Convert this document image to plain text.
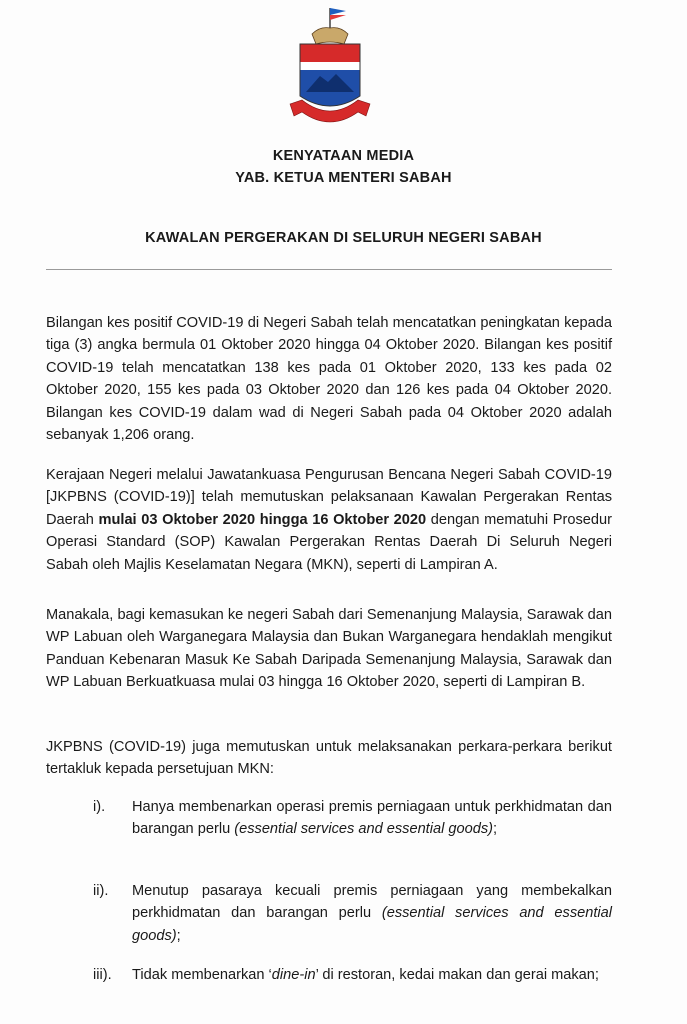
KENYATAAN MEDIA
YAB. KETUA MENTERI SABAH
KAWALAN PERGERAKAN DI SELURUH NEGERI SABAH

Bilangan kes positif COVID-19 di Negeri Sabah telah mencatatkan peningkatan kepada tiga (3) angka bermula 01 Oktober 2020 hingga 04 Oktober 2020. Bilangan kes positif COVID-19 telah mencatatkan 138 kes pada 01 Oktober 2020, 133 kes pada 02 Oktober 2020, 155 kes pada 03 Oktober 2020 dan 126 kes pada 04 Oktober 2020. Bilangan kes COVID-19 dalam wad di Negeri Sabah pada 04 Oktober 2020 adalah sebanyak 1,206 orang.

Kerajaan Negeri melalui Jawatankuasa Pengurusan Bencana Negeri Sabah COVID-19 [JKPBNS (COVID-19)] telah memutuskan pelaksanaan Kawalan Pergerakan Rentas Daerah mulai 03 Oktober 2020 hingga 16 Oktober 2020 dengan mematuhi Prosedur Operasi Standard (SOP) Kawalan Pergerakan Rentas Daerah Di Seluruh Negeri Sabah oleh Majlis Keselamatan Negara (MKN), seperti di Lampiran A.

Manakala, bagi kemasukan ke negeri Sabah dari Semenanjung Malaysia, Sarawak dan WP Labuan oleh Warganegara Malaysia dan Bukan Warganegara hendaklah mengikut Panduan Kebenaran Masuk Ke Sabah Daripada Semenanjung Malaysia, Sarawak dan WP Labuan Berkuatkuasa mulai 03 hingga 16 Oktober 2020, seperti di Lampiran B.

JKPBNS (COVID-19) juga memutuskan untuk melaksanakan perkara-perkara berikut tertakluk kepada persetujuan MKN:

i). Hanya membenarkan operasi premis perniagaan untuk perkhidmatan dan barangan perlu (essential services and essential goods);
ii). Menutup pasaraya kecuali premis perniagaan yang membekalkan perkhidmatan dan barangan perlu (essential services and essential goods);
iii). Tidak membenarkan ‘dine-in’ di restoran, kedai makan dan gerai makan;
